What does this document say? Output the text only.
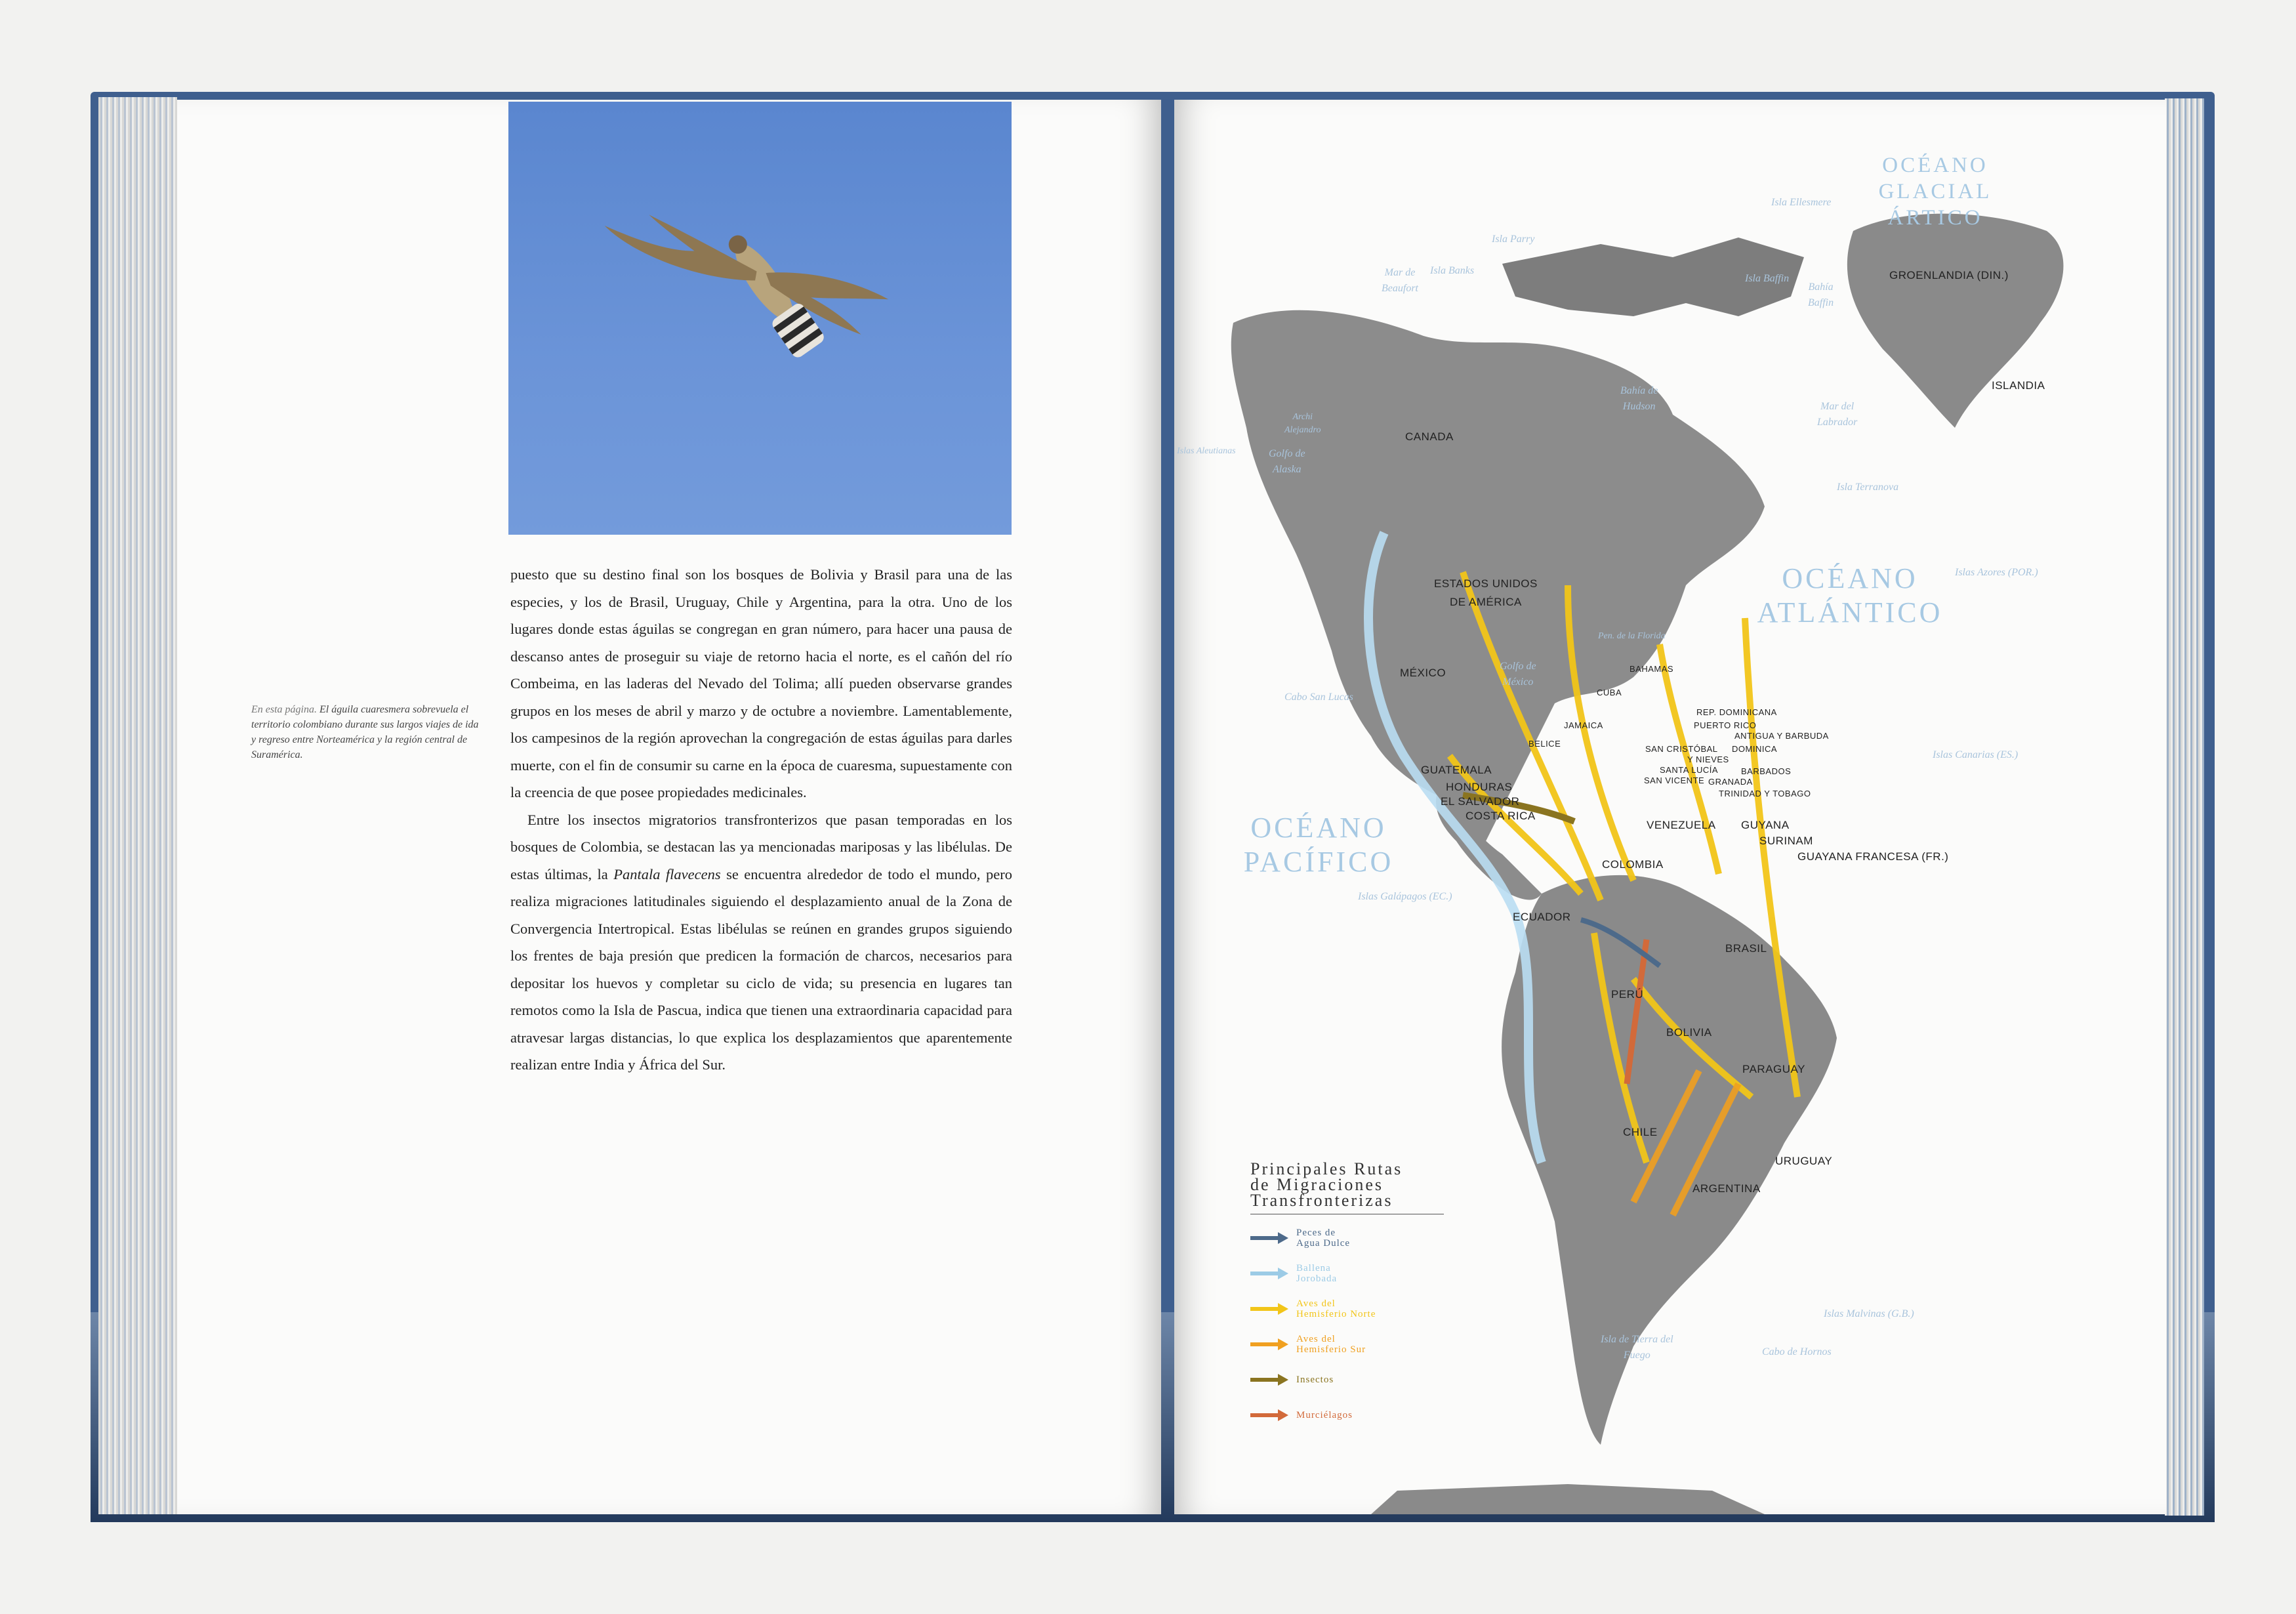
En esta página. El águila cuaresmera sobrevuela el territorio colombiano durante sus largos viajes de ida y regreso entre Norteamérica y la región central de Suramérica.

puesto que su destino final son los bosques de Bolivia y Brasil para una de las especies, y los de Brasil, Uruguay, Chile y Argentina, para la otra. Uno de los lugares donde estas águilas se congregan en gran número, para hacer una pausa de descanso antes de proseguir su viaje de retorno hacia el norte, es el cañón del río Combeima, en las laderas del Nevado del Tolima; allí pueden observarse grandes grupos en los meses de abril y marzo y de octubre a noviembre. Lamentablemente, los campesinos de la región aprovechan la congregación de estas águilas para darles muerte, con el fin de consumir su carne en la época de cuaresma, supuestamente con la creencia de que posee propiedades medicinales.

Entre los insectos migratorios transfronterizos que pasan temporadas en los bosques de Colombia, se destacan las ya mencionadas mariposas y las libélulas. De estas últimas, la Pantala flavecens se encuentra alrededor de todo el mundo, pero realiza migraciones latitudinales siguiendo el desplazamiento anual de la Zona de Convergencia Intertropical. Estas libélulas se reúnen en grandes grupos siguiendo los frentes de baja presión que predicen la formación de charcos, necesarios para depositar los huevos y completar su ciclo de vida; su presencia en lugares tan remotos como la Isla de Pascua, indica que tienen una extraordinaria capacidad para atravesar largas distancias, lo que explica los desplazamientos que aparentemente realizan entre India y África del Sur.

OCÉANO GLACIAL
ÁRTICO
OCÉANO
ATLÁNTICO
OCÉANO
PACÍFICO
Isla Ellesmere
Isla Parry
Mar de
Beaufort
Isla Banks
Isla Baffin
Bahía
Baffin
Bahía de
Hudson	Mar del
Labrador
Archi
Alejandro
Islas Aleutianas	Golfo de
Alaska
Isla Terranova
Islas Azores (POR.)
Pen. de la Florida
Golfo de
México
Cabo San Lucas
Islas Canarias (ES.)
Islas Galápagos (EC.)
Islas Malvinas (G.B.)
Isla de Tierra del
Fuego	Cabo de Hornos
GROENLANDIA (DIN.)
ISLANDIA
CANADA
ESTADOS UNIDOS
DE AMÉRICA
MÉXICO	BAHAMAS
CUBA
REP. DOMINICANA
PUERTO RICO
ANTIGUA Y BARBUDA
DOMINICA
SAN CRISTÓBAL
Y NIEVES
SANTA LUCÍA	BARBADOS
SAN VICENTE GRANADA
TRINIDAD Y TOBAGO
JAMAICA
BELICE
GUATEMALA
HONDURAS
EL SALVADOR
COSTA RICA
VENEZUELA GUYANA
SURINAM
GUAYANA FRANCESA (FR.)
COLOMBIA
ECUADOR
BRASIL
PERÚ
BOLIVIA
PARAGUAY
CHILE
URUGUAY
ARGENTINA
Principales Rutas
de Migraciones
Transfronterizas
Peces de
Agua Dulce
Ballena
Jorobada
Aves del
Hemisferio Norte
Aves del
Hemisferio Sur
Insectos
Murciélagos
